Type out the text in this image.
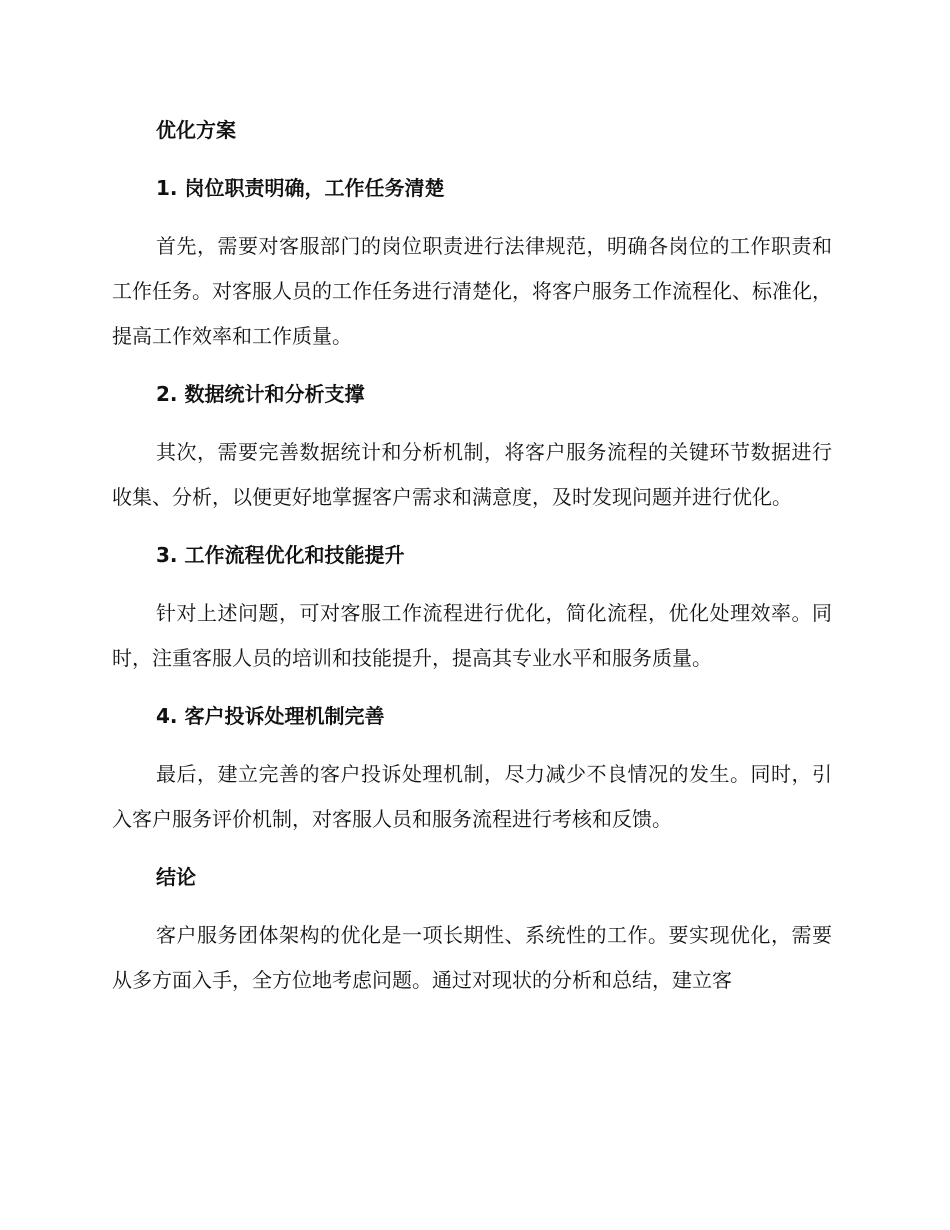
优化方案
1. 岗位职责明确，工作任务清楚

首先，需要对客服部门的岗位职责进行法律规范，明确各岗位的工作职责和工作任务。对客服人员的工作任务进行清楚化，将客户服务工作流程化、标准化，提高工作效率和工作质量。

2. 数据统计和分析支撑

其次，需要完善数据统计和分析机制，将客户服务流程的关键环节数据进行收集、分析，以便更好地掌握客户需求和满意度，及时发现问题并进行优化。

3. 工作流程优化和技能提升

针对上述问题，可对客服工作流程进行优化，简化流程，优化处理效率。同时，注重客服人员的培训和技能提升，提高其专业水平和服务质量。

4. 客户投诉处理机制完善

最后，建立完善的客户投诉处理机制，尽力减少不良情况的发生。同时，引入客户服务评价机制，对客服人员和服务流程进行考核和反馈。

结论

客户服务团体架构的优化是一项长期性、系统性的工作。要实现优化，需要从多方面入手，全方位地考虑问题。通过对现状的分析和总结，建立客
